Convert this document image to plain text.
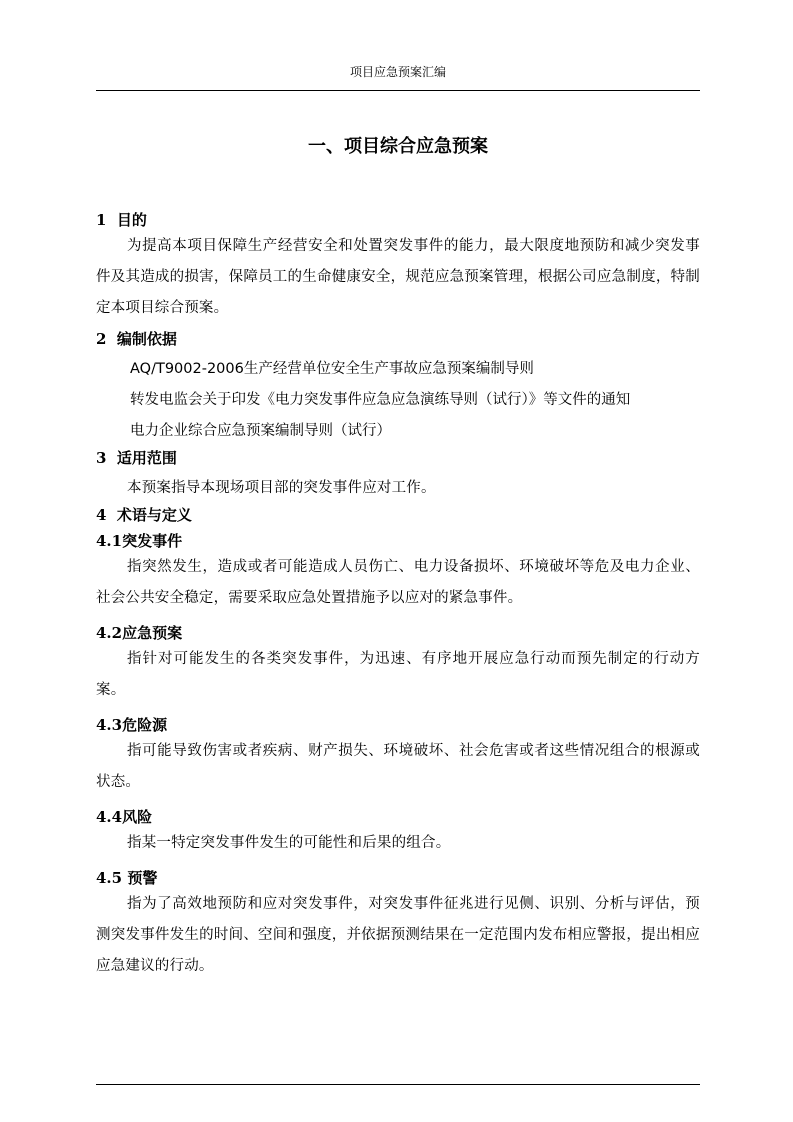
项目应急预案汇编
一、项目综合应急预案

1 目的

为提高本项目保障生产经营安全和处置突发事件的能力，最大限度地预防和减少突发事件及其造成的损害，保障员工的生命健康安全，规范应急预案管理，根据公司应急制度，特制定本项目综合预案。

2 编制依据

AQ/T9002-2006生产经营单位安全生产事故应急预案编制导则

转发电监会关于印发《电力突发事件应急应急演练导则（试行）》等文件的通知

电力企业综合应急预案编制导则（试行）

3 适用范围

本预案指导本现场项目部的突发事件应对工作。

4 术语与定义

4.1突发事件

指突然发生，造成或者可能造成人员伤亡、电力设备损坏、环境破坏等危及电力企业、社会公共安全稳定，需要采取应急处置措施予以应对的紧急事件。

4.2应急预案

指针对可能发生的各类突发事件，为迅速、有序地开展应急行动而预先制定的行动方案。

4.3危险源

指可能导致伤害或者疾病、财产损失、环境破坏、社会危害或者这些情况组合的根源或状态。

4.4风险

指某一特定突发事件发生的可能性和后果的组合。

4.5 预警

指为了高效地预防和应对突发事件，对突发事件征兆进行见侧、识别、分析与评估，预测突发事件发生的时间、空间和强度，并依据预测结果在一定范围内发布相应警报，提出相应应急建议的行动。
